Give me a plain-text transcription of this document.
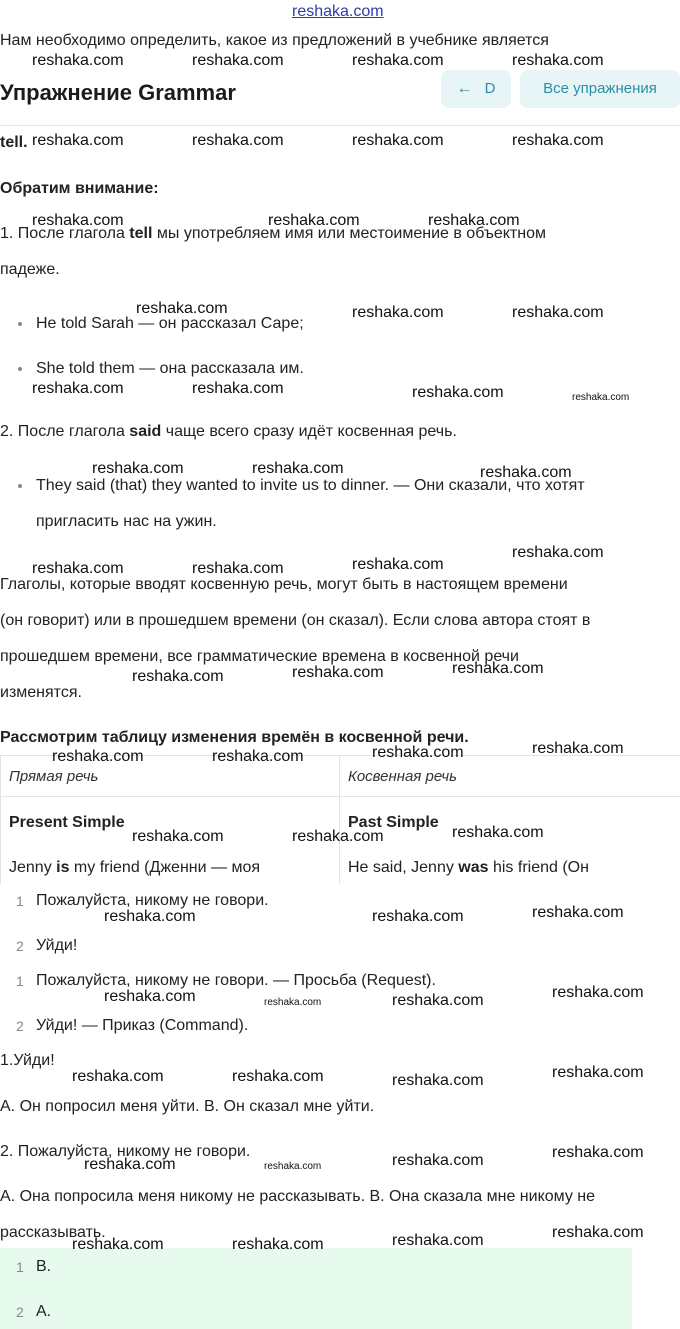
reshaka.com
Нам необходимо определить, какое из предложений в учебнике является
Упражнение Grammar	← D	Все упражнения
tell.
Обратим внимание:
1. После глагола tell мы употребляем имя или местоимение в объектном
падеже.
He told Sarah — он рассказал Саре;
She told them — она рассказала им.
2. После глагола said чаще всего сразу идёт косвенная речь.
They said (that) they wanted to invite us to dinner. — Они сказали, что хотят
пригласить нас на ужин.
Глаголы, которые вводят косвенную речь, могут быть в настоящем времени
(он говорит) или в прошедшем времени (он сказал). Если слова автора стоят в
прошедшем времени, все грамматические времена в косвенной речи
изменятся.
Рассмотрим таблицу изменения времён в косвенной речи.
Прямая речь	Косвенная речь
Present Simple	Past Simple
Jenny is my friend (Дженни — моя	He said, Jenny was his friend (Он
1 Пожалуйста, никому не говори.
2 Уйди!
1 Пожалуйста, никому не говори. — Просьба (Request).
2 Уйди! — Приказ (Command).
1.Уйди!
A. Он попросил меня уйти. B. Он сказал мне уйти.
2. Пожалуйста, никому не говори.
A. Она попросила меня никому не рассказывать. B. Она сказала мне никому не
рассказывать.
1 B.
2 A.
reshaka.com	reshaka.com	reshaka.com	reshaka.com
reshaka.com	reshaka.com	reshaka.com	reshaka.com
reshaka.com	reshaka.com	reshaka.com
reshaka.com	reshaka.com	reshaka.com
reshaka.com	reshaka.com	reshaka.com	reshaka.com
reshaka.com	reshaka.com	reshaka.com
reshaka.com
reshaka.com	reshaka.com	reshaka.com
reshaka.com
reshaka.com
reshaka.com
reshaka.com
reshaka.com
reshaka.com	reshaka.com
reshaka.com
reshaka.com	reshaka.com
reshaka.com
reshaka.com	reshaka.com
reshaka.com
reshaka.com	reshaka.com	reshaka.com
reshaka.com
reshaka.com	reshaka.com	reshaka.com
reshaka.com
reshaka.com
reshaka.com
reshaka.com
reshaka.com
reshaka.com
reshaka.com	reshaka.com
